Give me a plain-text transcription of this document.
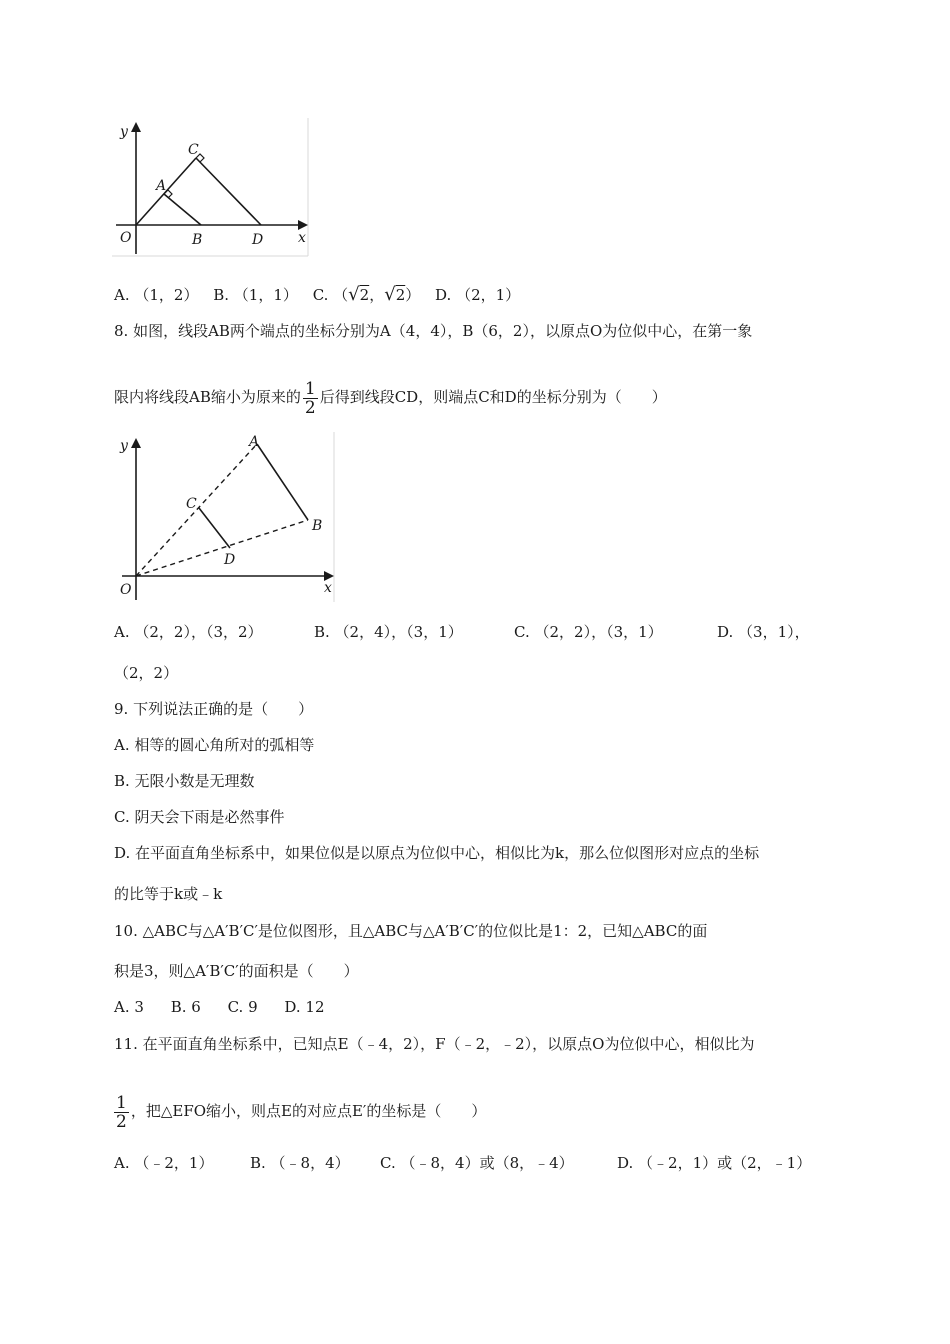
y
x
O
A
B
C
D
A. （1，2） B. （1，1） C. （√2，√2） D. （2，1）
8. 如图，线段AB两个端点的坐标分别为A（4，4），B（6，2），以原点O为位似中心，在第一象
限内将线段AB缩小为原来的 $\frac{1}{2}$ 后得到线段CD，则端点C和D的坐标分别为（　　）
y
x
O
A
B
C
D
A. （2，2），（3，2）	B. （2，4），（3，1）	C. （2，2），（3，1）	D. （3，1），
（2，2）
9. 下列说法正确的是（　　）
A. 相等的圆心角所对的弧相等
B. 无限小数是无理数
C. 阴天会下雨是必然事件
D. 在平面直角坐标系中，如果位似是以原点为位似中心，相似比为k，那么位似图形对应点的坐标
的比等于k或﹣k
10. △ABC与△A′B′C′是位似图形，且△ABC与△A′B′C′的位似比是1：2，已知△ABC的面
积是3，则△A′B′C′的面积是（　　）
A. 3 B. 6 C. 9 D. 12
11. 在平面直角坐标系中，已知点E（﹣4，2），F（﹣2，﹣2），以原点O为位似中心，相似比为
$\frac{1}{2}$ ，把△EFO缩小，则点E的对应点E′的坐标是（　　）
A. （﹣2，1） B. （﹣8，4） C. （﹣8，4）或（8，﹣4）	D. （﹣2，1）或（2，﹣1）
